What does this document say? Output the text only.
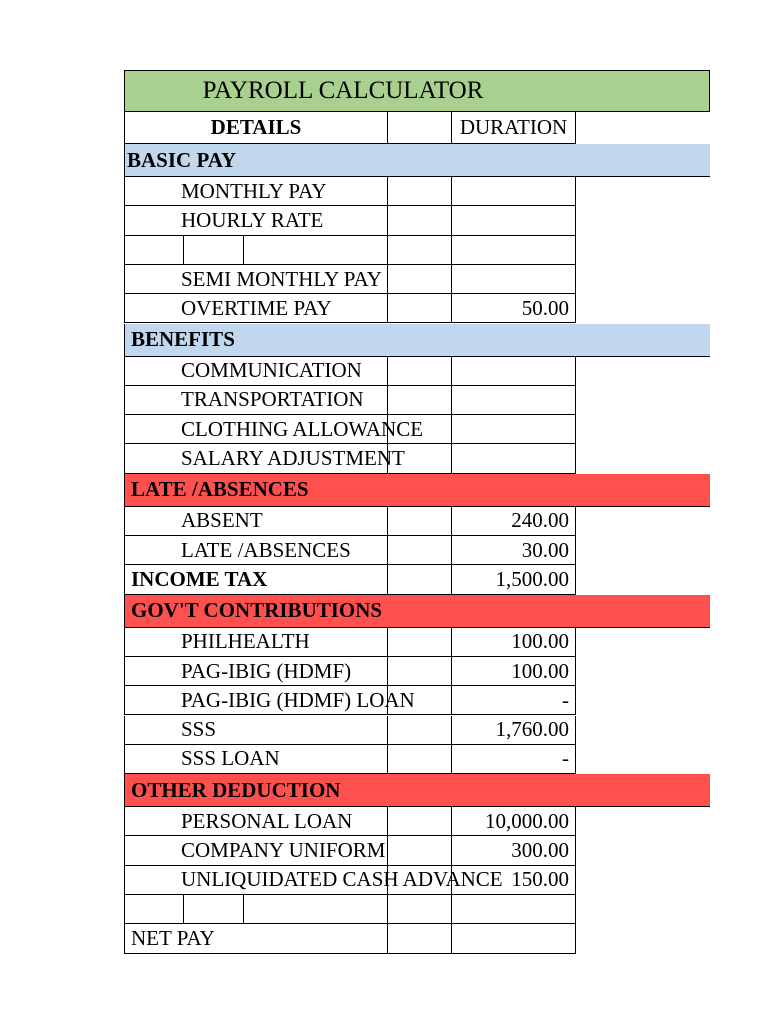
PAYROLL CALCULATOR
DETAILS	DURATION
BASIC PAY
MONTHLY PAY
HOURLY RATE
SEMI MONTHLY PAY
OVERTIME PAY	50.00
BENEFITS
COMMUNICATION
TRANSPORTATION
CLOTHING ALLOWANCE
SALARY ADJUSTMENT
LATE /ABSENCES
ABSENT	240.00
LATE /ABSENCES	30.00
INCOME TAX	1,500.00
GOV'T CONTRIBUTIONS
PHILHEALTH	100.00
PAG-IBIG (HDMF)	100.00
PAG-IBIG (HDMF) LOAN	-
SSS	1,760.00
SSS LOAN	-
OTHER DEDUCTION
PERSONAL LOAN	10,000.00
COMPANY UNIFORM	300.00
UNLIQUIDATED CASH ADVANCE 150.00
NET PAY
